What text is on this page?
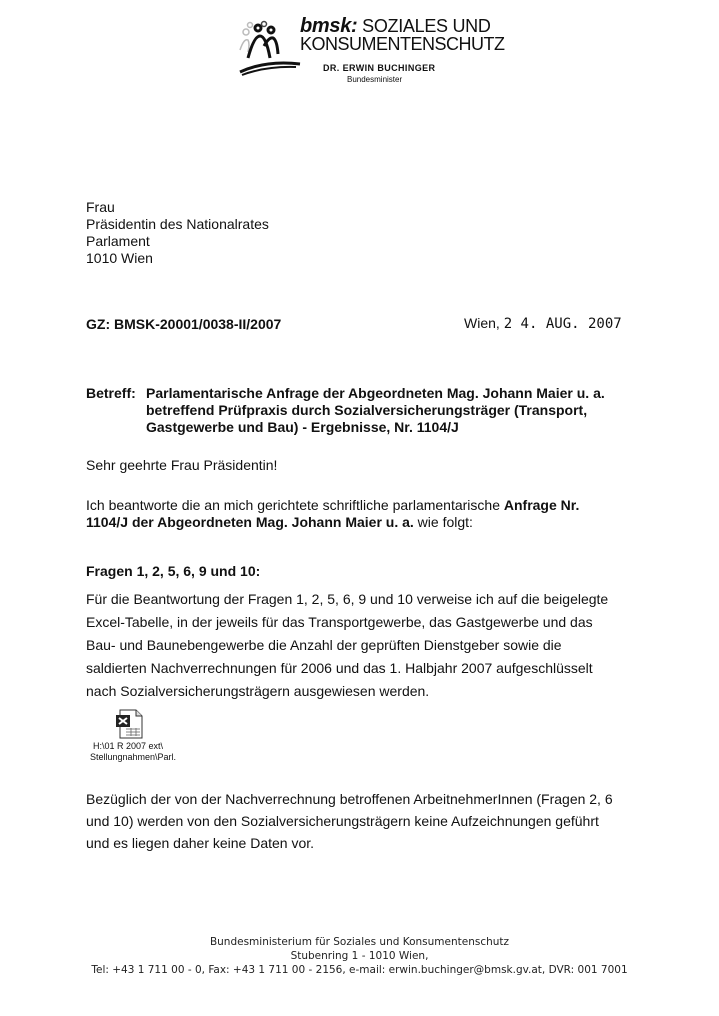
bmsk: SOZIALES UND
KONSUMENTENSCHUTZ
DR. ERWIN BUCHINGER
Bundesminister
Frau
Präsidentin des Nationalrates
Parlament
1010 Wien
GZ: BMSK-20001/0038-II/2007	Wien, 2 4. AUG. 2007
Betreff: Parlamentarische Anfrage der Abgeordneten Mag. Johann Maier u. a.
betreffend Prüfpraxis durch Sozialversicherungsträger (Transport,
Gastgewerbe und Bau) - Ergebnisse, Nr. 1104/J
Sehr geehrte Frau Präsidentin!
Ich beantworte die an mich gerichtete schriftliche parlamentarische Anfrage Nr.
1104/J der Abgeordneten Mag. Johann Maier u. a. wie folgt:
Fragen 1, 2, 5, 6, 9 und 10:
Für die Beantwortung der Fragen 1, 2, 5, 6, 9 und 10 verweise ich auf die beigelegte
Excel-Tabelle, in der jeweils für das Transportgewerbe, das Gastgewerbe und das
Bau- und Baunebengewerbe die Anzahl der geprüften Dienstgeber sowie die
saldierten Nachverrechnungen für 2006 und das 1. Halbjahr 2007 aufgeschlüsselt
nach Sozialversicherungsträgern ausgewiesen werden.
H:\01 R 2007 ext\
Stellungnahmen\Parl.
Bezüglich der von der Nachverrechnung betroffenen ArbeitnehmerInnen (Fragen 2, 6
und 10) werden von den Sozialversicherungsträgern keine Aufzeichnungen geführt
und es liegen daher keine Daten vor.
Bundesministerium für Soziales und Konsumentenschutz
Stubenring 1 - 1010 Wien,
Tel: +43 1 711 00 - 0, Fax: +43 1 711 00 - 2156, e-mail: erwin.buchinger@bmsk.gv.at, DVR: 001 7001
